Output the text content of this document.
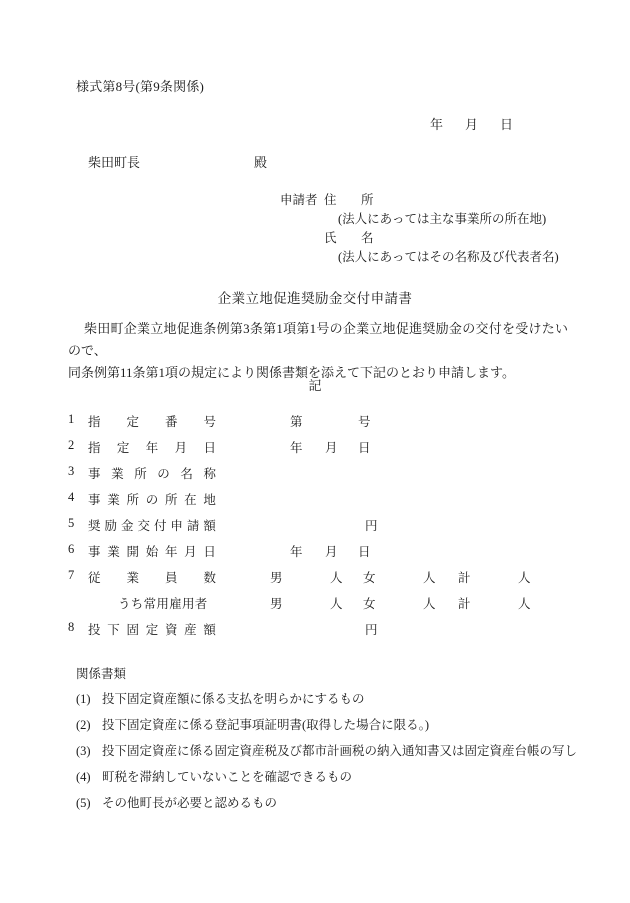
様式第8号(第9条関係)
年 月 日
柴田町長	殿
申請者 住　所
(法人にあっては主な事業所の所在地)
氏　名
(法人にあってはその名称及び代表者名)
企業立地促進奨励金交付申請書
柴田町企業立地促進条例第3条第1項第1号の企業立地促進奨励金の交付を受けたいので、
同条例第11条第1項の規定により関係書類を添えて下記のとおり申請します。
記
1	指 定 番 号	第	号
2	指 定 年 月 日	年 月 日
3	事 業 所 の 名 称
4	事 業 所 の 所 在 地
5	奨 励 金 交 付 申 請 額	円
6	事 業 開 始 年 月 日	年 月 日
7	従 業 員 数	男	人 女	人 計	人
うち常用雇用者	男	人 女	人 計	人
8	投 下 固 定 資 産 額	円
関係書類
(1) 投下固定資産額に係る支払を明らかにするもの
(2) 投下固定資産に係る登記事項証明書(取得した場合に限る。)
(3) 投下固定資産に係る固定資産税及び都市計画税の納入通知書又は固定資産台帳の写し
(4) 町税を滞納していないことを確認できるもの
(5) その他町長が必要と認めるもの
